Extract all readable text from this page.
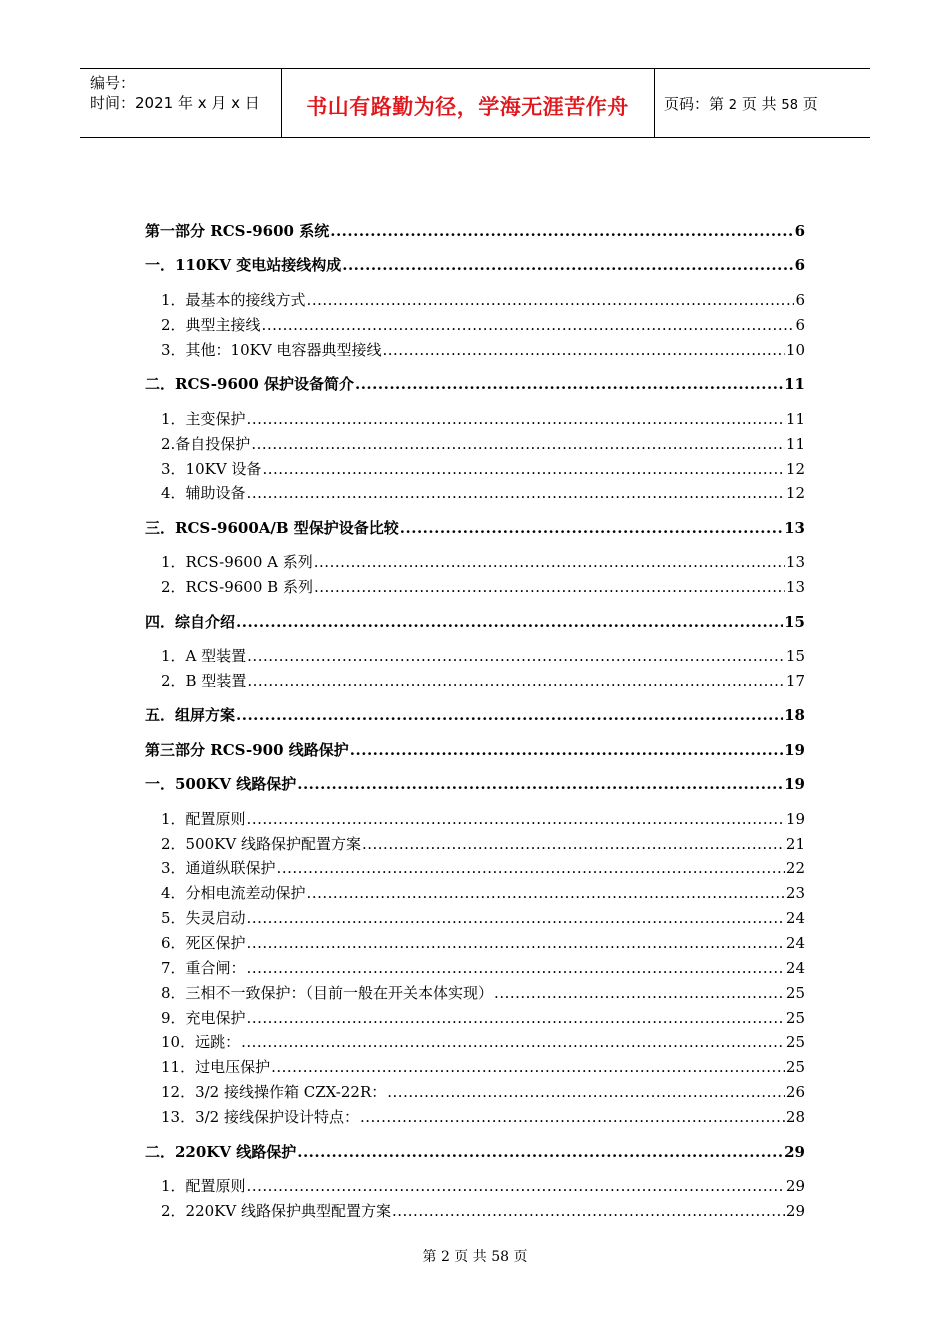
编号：
时间：2021 年 x 月 x 日	书山有路勤为径，学海无涯苦作舟	页码：第 2 页 共 58 页
第一部分 RCS-9600 系统 .....	6
一．110KV 变电站接线构成 .....	6
1．最基本的接线方式 .....	6
2．典型主接线 .....	6
3．其他：10KV 电容器典型接线 .....	10
二．RCS-9600 保护设备简介 .....	11
1．主变保护 .....	11
2.备自投保护 .....	11
3．10KV 设备 .....	12
4．辅助设备 .....	12
三．RCS-9600A/B 型保护设备比较 .....	13
1．RCS-9600 A 系列 .....	13
2．RCS-9600 B 系列 .....	13
四．综自介绍 .....	15
1．A 型装置 .....	15
2．B 型装置 .....	17
五．组屏方案 .....	18
第三部分 RCS-900 线路保护 .....	19
一．500KV 线路保护 .....	19
1．配置原则 .....	19
2．500KV 线路保护配置方案 .....	21
3．通道纵联保护 .....	22
4．分相电流差动保护 .....	23
5．失灵启动 .....	24
6．死区保护 .....	24
7．重合闸： .....	24
8．三相不一致保护：（目前一般在开关本体实现） .....	25
9．充电保护 .....	25
10．远跳： .....	25
11．过电压保护 .....	25
12．3/2 接线操作箱 CZX-22R： .....	26
13．3/2 接线保护设计特点： .....	28
二．220KV 线路保护 .....	29
1．配置原则 .....	29
2．220KV 线路保护典型配置方案 .....	29
第 2 页 共 58 页
